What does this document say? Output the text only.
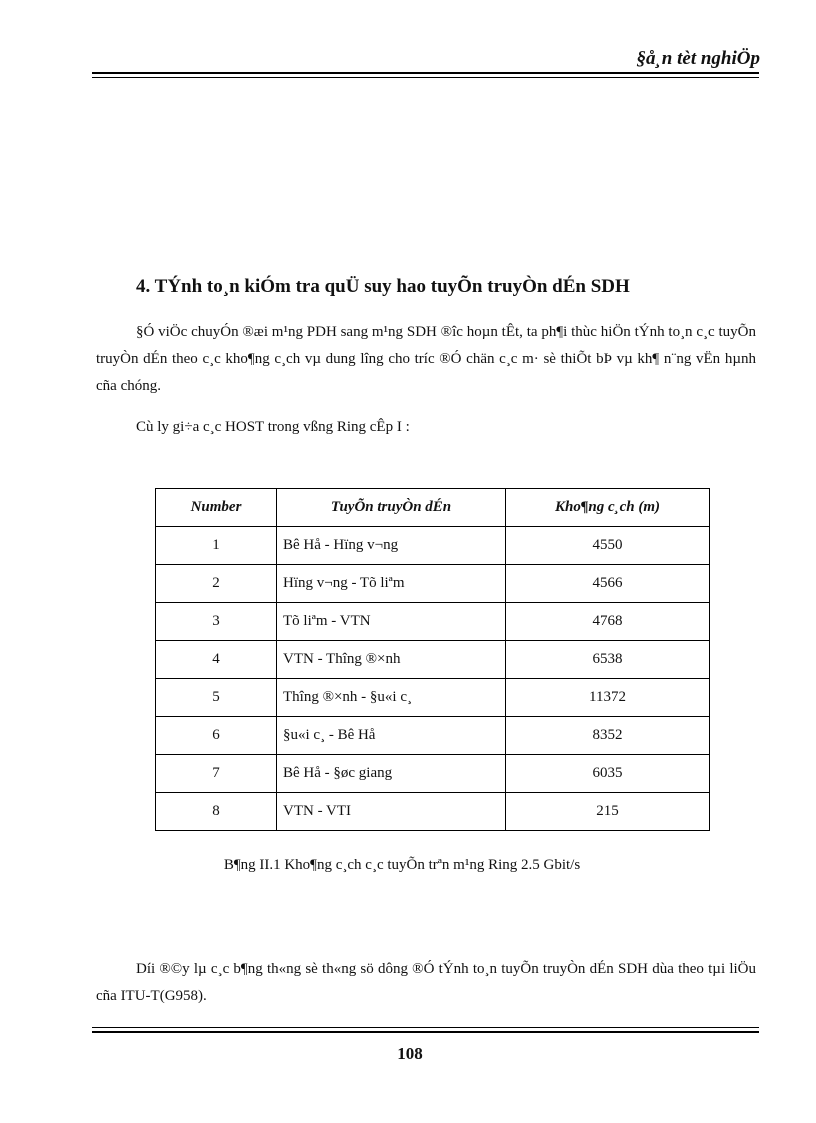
§å¸n tèt nghiÖp
4. TÝnh to¸n kiÓm tra quÜ suy hao tuyÕn truyÒn dÉn SDH
§Ó viÖc chuyÓn ®æi m¹ng PDH sang m¹ng SDH ®îc hoµn tÊt, ta ph¶i thùc hiÖn tÝnh to¸n c¸c tuyÕn truyÒn dÉn theo c¸c kho¶ng c¸ch vµ dung lîng cho tríc ®Ó chän c¸c m· sè thiÕt bÞ vµ kh¶ n¨ng vËn hµnh cña chóng.
Cù ly gi÷a c¸c HOST trong vßng Ring cÊp I :
Number	TuyÕn truyÒn dÉn	Kho¶ng c¸ch (m)
1	Bê Hå - Hïng v¬ng	4550
2	Hïng v¬ng - Tõ liªm	4566
3	Tõ liªm - VTN	4768
4	VTN - Thîng ®×nh	6538
5	Thîng ®×nh - §u«i c¸	11372
6	§u«i c¸ - Bê Hå	8352
7	Bê Hå - §øc giang	6035
8	VTN - VTI	215
B¶ng II.1 Kho¶ng c¸ch c¸c tuyÕn trªn m¹ng Ring 2.5 Gbit/s
Díi ®©y lµ c¸c b¶ng th«ng sè th«ng sö dông ®Ó tÝnh to¸n tuyÕn truyÒn dÉn SDH dùa theo tµi liÖu cña ITU-T(G958).
108
